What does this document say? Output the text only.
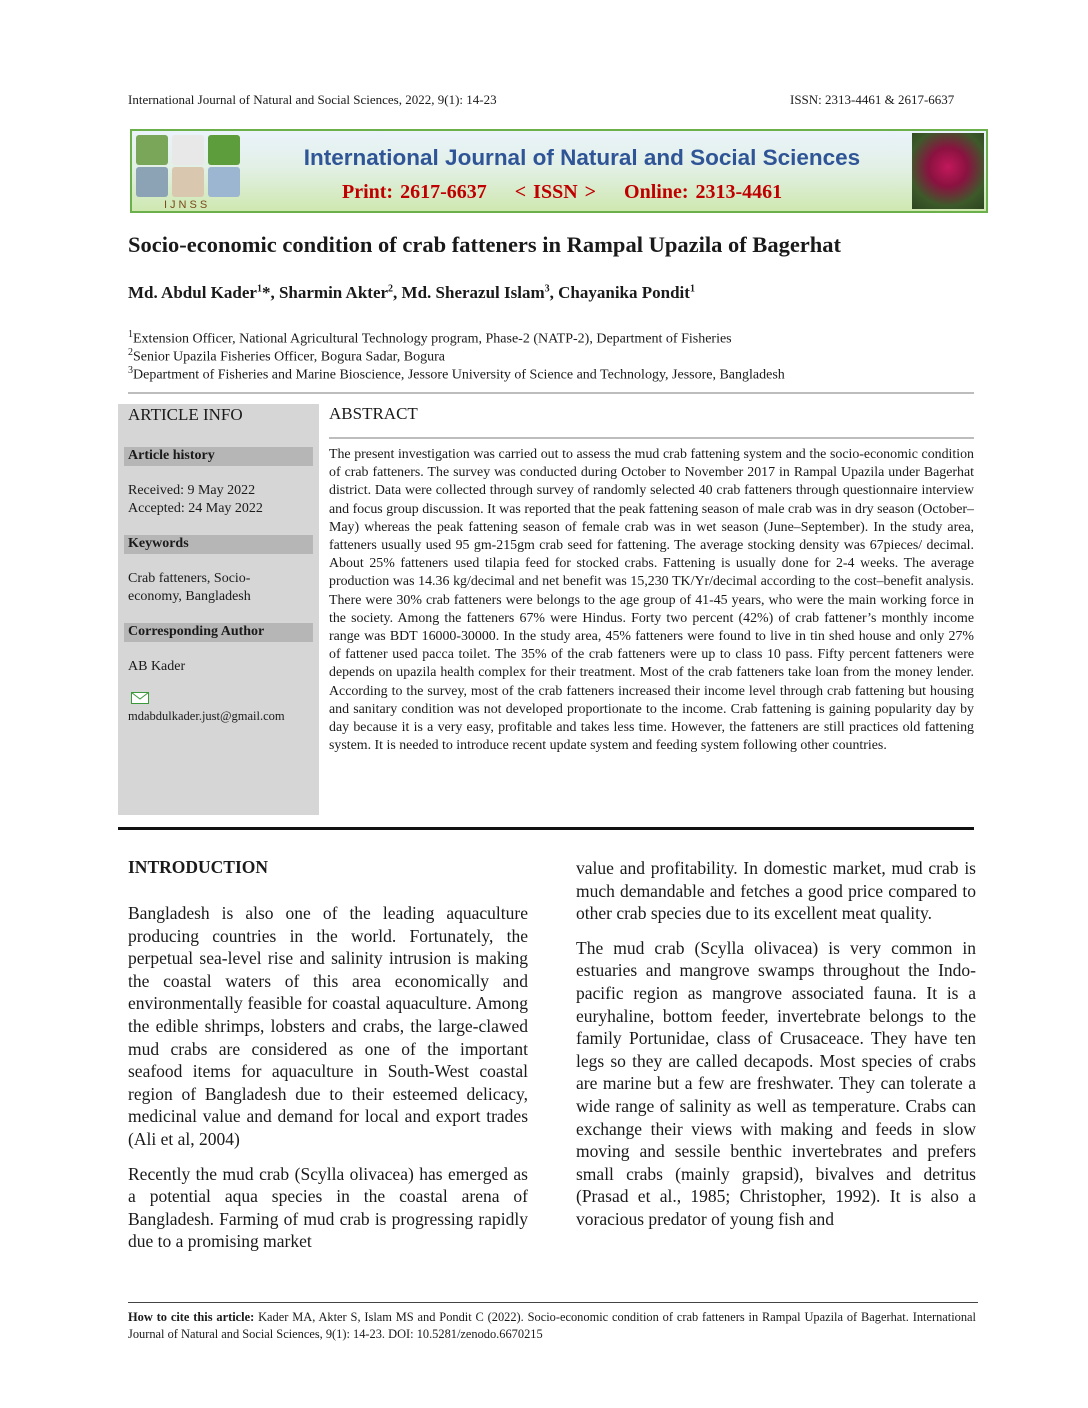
International Journal of Natural and Social Sciences, 2022, 9(1): 14-23	ISSN: 2313-4461 & 2617-6637
IJNSS
International Journal of Natural and Social Sciences
Print: 2617-6637 < ISSN > Online: 2313-4461
Socio-economic condition of crab fatteners in Rampal Upazila of Bagerhat
Md. Abdul Kader$^1$*, Sharmin Akter$^2$, Md. Sherazul Islam$^3$, Chayanika Pondit$^1$
$^1$Extension Officer, National Agricultural Technology program, Phase-2 (NATP-2), Department of Fisheries
$^2$Senior Upazila Fisheries Officer, Bogura Sadar, Bogura
$^3$Department of Fisheries and Marine Bioscience, Jessore University of Science and Technology, Jessore, Bangladesh
ARTICLE INFO
Article history
Received: 9 May 2022
Accepted: 24 May 2022
Keywords
Crab fatteners, Socio-economy, Bangladesh
Corresponding Author
AB Kader
mdabdulkader.just@gmail.com
ABSTRACT

The present investigation was carried out to assess the mud crab fattening system and the socio-economic condition of crab fatteners. The survey was conducted during October to November 2017 in Rampal Upazila under Bagerhat district. Data were collected through survey of randomly selected 40 crab fatteners through questionnaire interview and focus group discussion. It was reported that the peak fattening season of male crab was in dry season (October–May) whereas the peak fattening season of female crab was in wet season (June–September). In the study area, fatteners usually used 95 gm-215gm crab seed for fattening. The average stocking density was 67pieces/ decimal. About 25% fatteners used tilapia feed for stocked crabs. Fattening is usually done for 2-4 weeks. The average production was 14.36 kg/decimal and net benefit was 15,230 TK/Yr/decimal according to the cost–benefit analysis. There were 30% crab fatteners were belongs to the age group of 41-45 years, who were the main working force in the society. Among the fatteners 67% were Hindus. Forty two percent (42%) of crab fattener’s monthly income range was BDT 16000-30000. In the study area, 45% fatteners were found to live in tin shed house and only 27% of fattener used pacca toilet. The 35% of the crab fatteners were up to class 10 pass. Fifty percent fatteners were depends on upazila health complex for their treatment. Most of the crab fatteners take loan from the money lender. According to the survey, most of the crab fatteners increased their income level through crab fattening but housing and sanitary condition was not developed proportionate to the income. Crab fattening is gaining popularity day by day because it is a very easy, profitable and takes less time. However, the fatteners are still practices old fattening system. It is needed to introduce recent update system and feeding system following other countries.

INTRODUCTION

Bangladesh is also one of the leading aquaculture producing countries in the world. Fortunately, the perpetual sea-level rise and salinity intrusion is making the coastal waters of this area economically and environmentally feasible for coastal aquaculture. Among the edible shrimps, lobsters and crabs, the large-clawed mud crabs are considered as one of the important seafood items for aquaculture in South-West coastal region of Bangladesh due to their esteemed delicacy, medicinal value and demand for local and export trades (Ali et al, 2004)

Recently the mud crab (Scylla olivacea) has emerged as a potential aqua species in the coastal arena of Bangladesh. Farming of mud crab is progressing rapidly due to a promising market

value and profitability. In domestic market, mud crab is much demandable and fetches a good price compared to other crab species due to its excellent meat quality.

The mud crab (Scylla olivacea) is very common in estuaries and mangrove swamps throughout the Indo-pacific region as mangrove associated fauna. It is a euryhaline, bottom feeder, invertebrate belongs to the family Portunidae, class of Crusaceace. They have ten legs so they are called decapods. Most species of crabs are marine but a few are freshwater. They can tolerate a wide range of salinity as well as temperature. Crabs can exchange their views with making and feeds in slow moving and sessile benthic invertebrates and prefers small crabs (mainly grapsid), bivalves and detritus (Prasad et al., 1985; Christopher, 1992). It is also a voracious predator of young fish and

How to cite this article: Kader MA, Akter S, Islam MS and Pondit C (2022). Socio-economic condition of crab fatteners in Rampal Upazila of Bagerhat. International Journal of Natural and Social Sciences, 9(1): 14-23. DOI: 10.5281/zenodo.6670215
